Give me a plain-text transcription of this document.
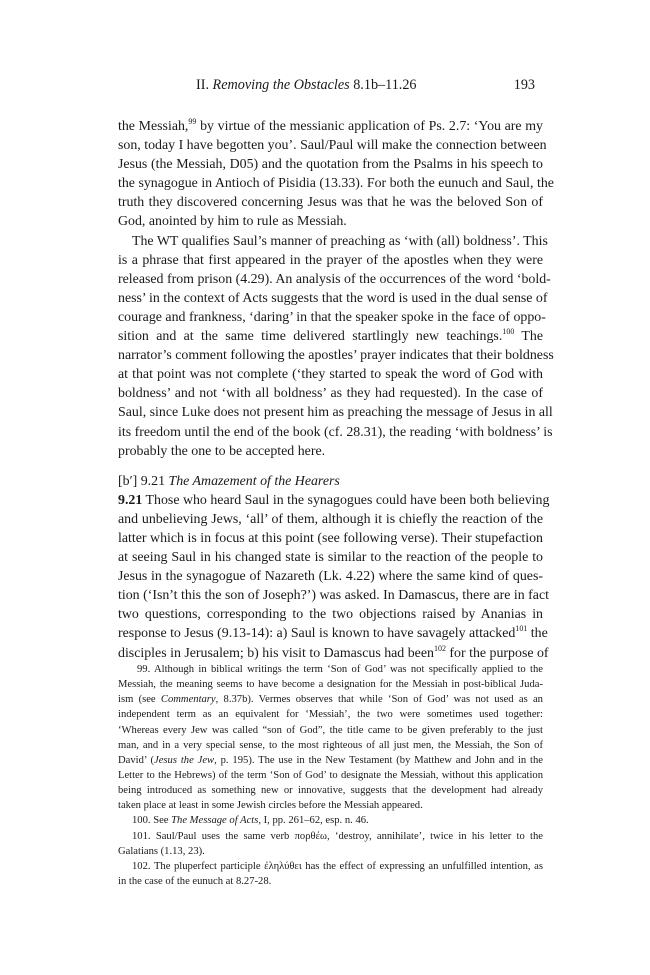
II. Removing the Obstacles 8.1b–11.26	193
the Messiah,$^{99}$ by virtue of the messianic application of Ps. 2.7: ‘You are my
son, today I have begotten you’. Saul/Paul will make the connection between
Jesus (the Messiah, D05) and the quotation from the Psalms in his speech to
the synagogue in Antioch of Pisidia (13.33). For both the eunuch and Saul, the
truth they discovered concerning Jesus was that he was the beloved Son of
God, anointed by him to rule as Messiah.
The WT qualifies Saul’s manner of preaching as ‘with (all) boldness’. This
is a phrase that first appeared in the prayer of the apostles when they were
released from prison (4.29). An analysis of the occurrences of the word ‘bold-
ness’ in the context of Acts suggests that the word is used in the dual sense of
courage and frankness, ‘daring’ in that the speaker spoke in the face of oppo-
sition and at the same time delivered startlingly new teachings.$^{100}$ The
narrator’s comment following the apostles’ prayer indicates that their boldness
at that point was not complete (‘they started to speak the word of God with
boldness’ and not ‘with all boldness’ as they had requested). In the case of
Saul, since Luke does not present him as preaching the message of Jesus in all
its freedom until the end of the book (cf. 28.31), the reading ‘with boldness’ is
probably the one to be accepted here.
[b′] 9.21 The Amazement of the Hearers
9.21 Those who heard Saul in the synagogues could have been both believing
and unbelieving Jews, ‘all’ of them, although it is chiefly the reaction of the
latter which is in focus at this point (see following verse). Their stupefaction
at seeing Saul in his changed state is similar to the reaction of the people to
Jesus in the synagogue of Nazareth (Lk. 4.22) where the same kind of ques-
tion (‘Isn’t this the son of Joseph?’) was asked. In Damascus, there are in fact
two questions, corresponding to the two objections raised by Ananias in
response to Jesus (9.13-14): a) Saul is known to have savagely attacked$^{101}$ the
disciples in Jerusalem; b) his visit to Damascus had been$^{102}$ for the purpose of
99. Although in biblical writings the term ‘Son of God’ was not specifically applied to the
Messiah, the meaning seems to have become a designation for the Messiah in post-biblical Juda-
ism (see Commentary, 8.37b). Vermes observes that while ‘Son of God’ was not used as an
independent term as an equivalent for ‘Messiah’, the two were sometimes used together:
‘Whereas every Jew was called “son of God”, the title came to be given preferably to the just
man, and in a very special sense, to the most righteous of all just men, the Messiah, the Son of
David’ (Jesus the Jew, p. 195). The use in the New Testament (by Matthew and John and in the
Letter to the Hebrews) of the term ‘Son of God’ to designate the Messiah, without this application
being introduced as something new or innovative, suggests that the development had already
taken place at least in some Jewish circles before the Messiah appeared.
100. See The Message of Acts, I, pp. 261–62, esp. n. 46.
101. Saul/Paul uses the same verb πορθέω, ‘destroy, annihilate’, twice in his letter to the
Galatians (1.13, 23).
102. The pluperfect participle ἐληλύθει has the effect of expressing an unfulfilled intention, as
in the case of the eunuch at 8.27-28.
